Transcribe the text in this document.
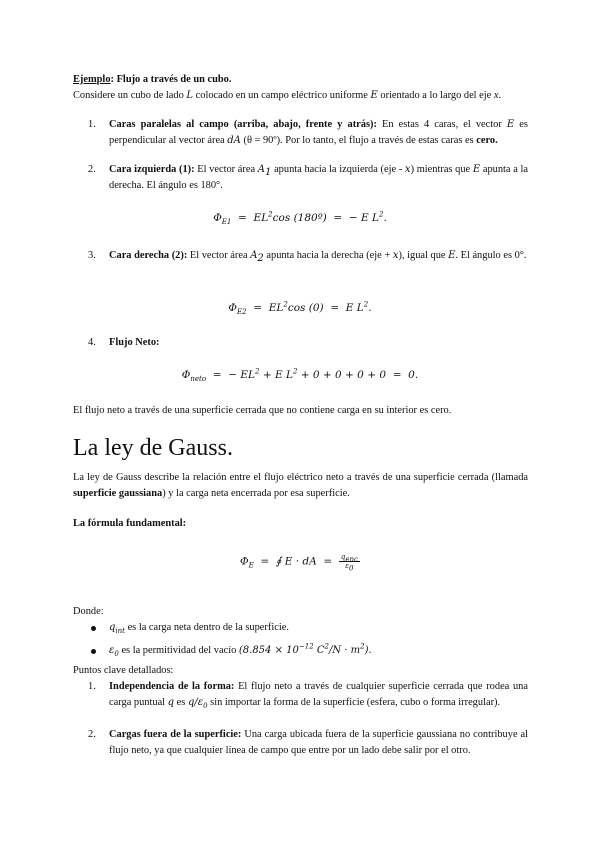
Ejemplo: Flujo a través de un cubo.
Considere un cubo de lado L colocado en un campo eléctrico uniforme E orientado a lo largo del eje x.
1. Caras paralelas al campo (arriba, abajo, frente y atrás): En estas 4 caras, el vector E es perpendicular al vector área dA (θ = 90º). Por lo tanto, el flujo a través de estas caras es cero.
2. Cara izquierda (1): El vector área $A_1$ apunta hacia la izquierda (eje - x) mientras que E apunta a la derecha. El ángulo es 180°.
$\Phi_{E1} = EL^2\cos$ (180º)  =  − E $L^2$.
3. Cara derecha (2): El vector área $A_2$ apunta hacia la derecha (eje + x), igual que E. El ángulo es 0°.
$\Phi_{E2} = EL^2\cos$ (0)  =  E $L^2$.
4. Flujo Neto:
$\Phi_{neto}$  =  − $EL^2 + E$ $L^2 + 0 + 0 + 0 + 0 = 0$.
El flujo neto a través de una superficie cerrada que no contiene carga en su interior es cero.
La ley de Gauss.
La ley de Gauss describe la relación entre el flujo eléctrico neto a través de una superficie cerrada (llamada superficie gaussiana) y la carga neta encerrada por esa superficie.
La fórmula fundamental:
$\Phi_E$  =  ∮ E · dA  = $\frac{q_{enc}}{\varepsilon_0}$
Donde:
$q_{int}$ es la carga neta dentro de la superficie.
$\varepsilon_0$ es la permitividad del vacío ($8.854 \times 10^{-12}$ $C^2/N \cdot m^2$).
Puntos clave detallados:
1. Independencia de la forma: El flujo neto a través de cualquier superficie cerrada que rodea una carga puntual q es $q/\varepsilon_0$ sin importar la forma de la superficie (esfera, cubo o forma irregular).
2. Cargas fuera de la superficie: Una carga ubicada fuera de la superficie gaussiana no contribuye al flujo neto, ya que cualquier línea de campo que entre por un lado debe salir por el otro.
